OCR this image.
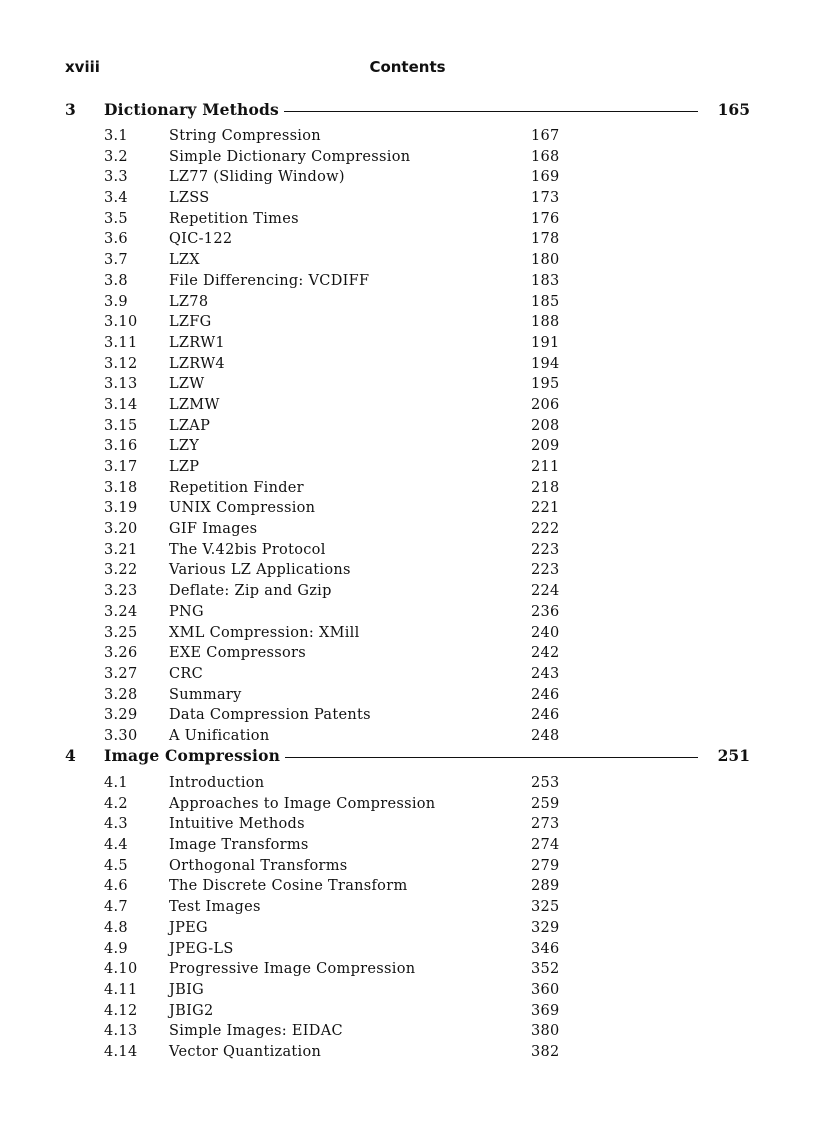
xviii	Contents
3 Dictionary Methods	165
3.1	String Compression	167
3.2	Simple Dictionary Compression	168
3.3	LZ77 (Sliding Window)	169
3.4	LZSS	173
3.5	Repetition Times	176
3.6	QIC-122	178
3.7	LZX	180
3.8	File Differencing: VCDIFF	183
3.9	LZ78	185
3.10 LZFG	188
3.11 LZRW1	191
3.12 LZRW4	194
3.13 LZW	195
3.14 LZMW	206
3.15 LZAP	208
3.16 LZY	209
3.17 LZP	211
3.18 Repetition Finder	218
3.19 UNIX Compression	221
3.20 GIF Images	222
3.21 The V.42bis Protocol	223
3.22 Various LZ Applications	223
3.23 Deflate: Zip and Gzip	224
3.24 PNG	236
3.25 XML Compression: XMill	240
3.26 EXE Compressors	242
3.27 CRC	243
3.28 Summary	246
3.29 Data Compression Patents	246
3.30 A Unification	248
4 Image Compression	251
4.1	Introduction	253
4.2	Approaches to Image Compression	259
4.3	Intuitive Methods	273
4.4	Image Transforms	274
4.5	Orthogonal Transforms	279
4.6	The Discrete Cosine Transform	289
4.7	Test Images	325
4.8	JPEG	329
4.9	JPEG-LS	346
4.10 Progressive Image Compression	352
4.11 JBIG	360
4.12 JBIG2	369
4.13 Simple Images: EIDAC	380
4.14 Vector Quantization	382
